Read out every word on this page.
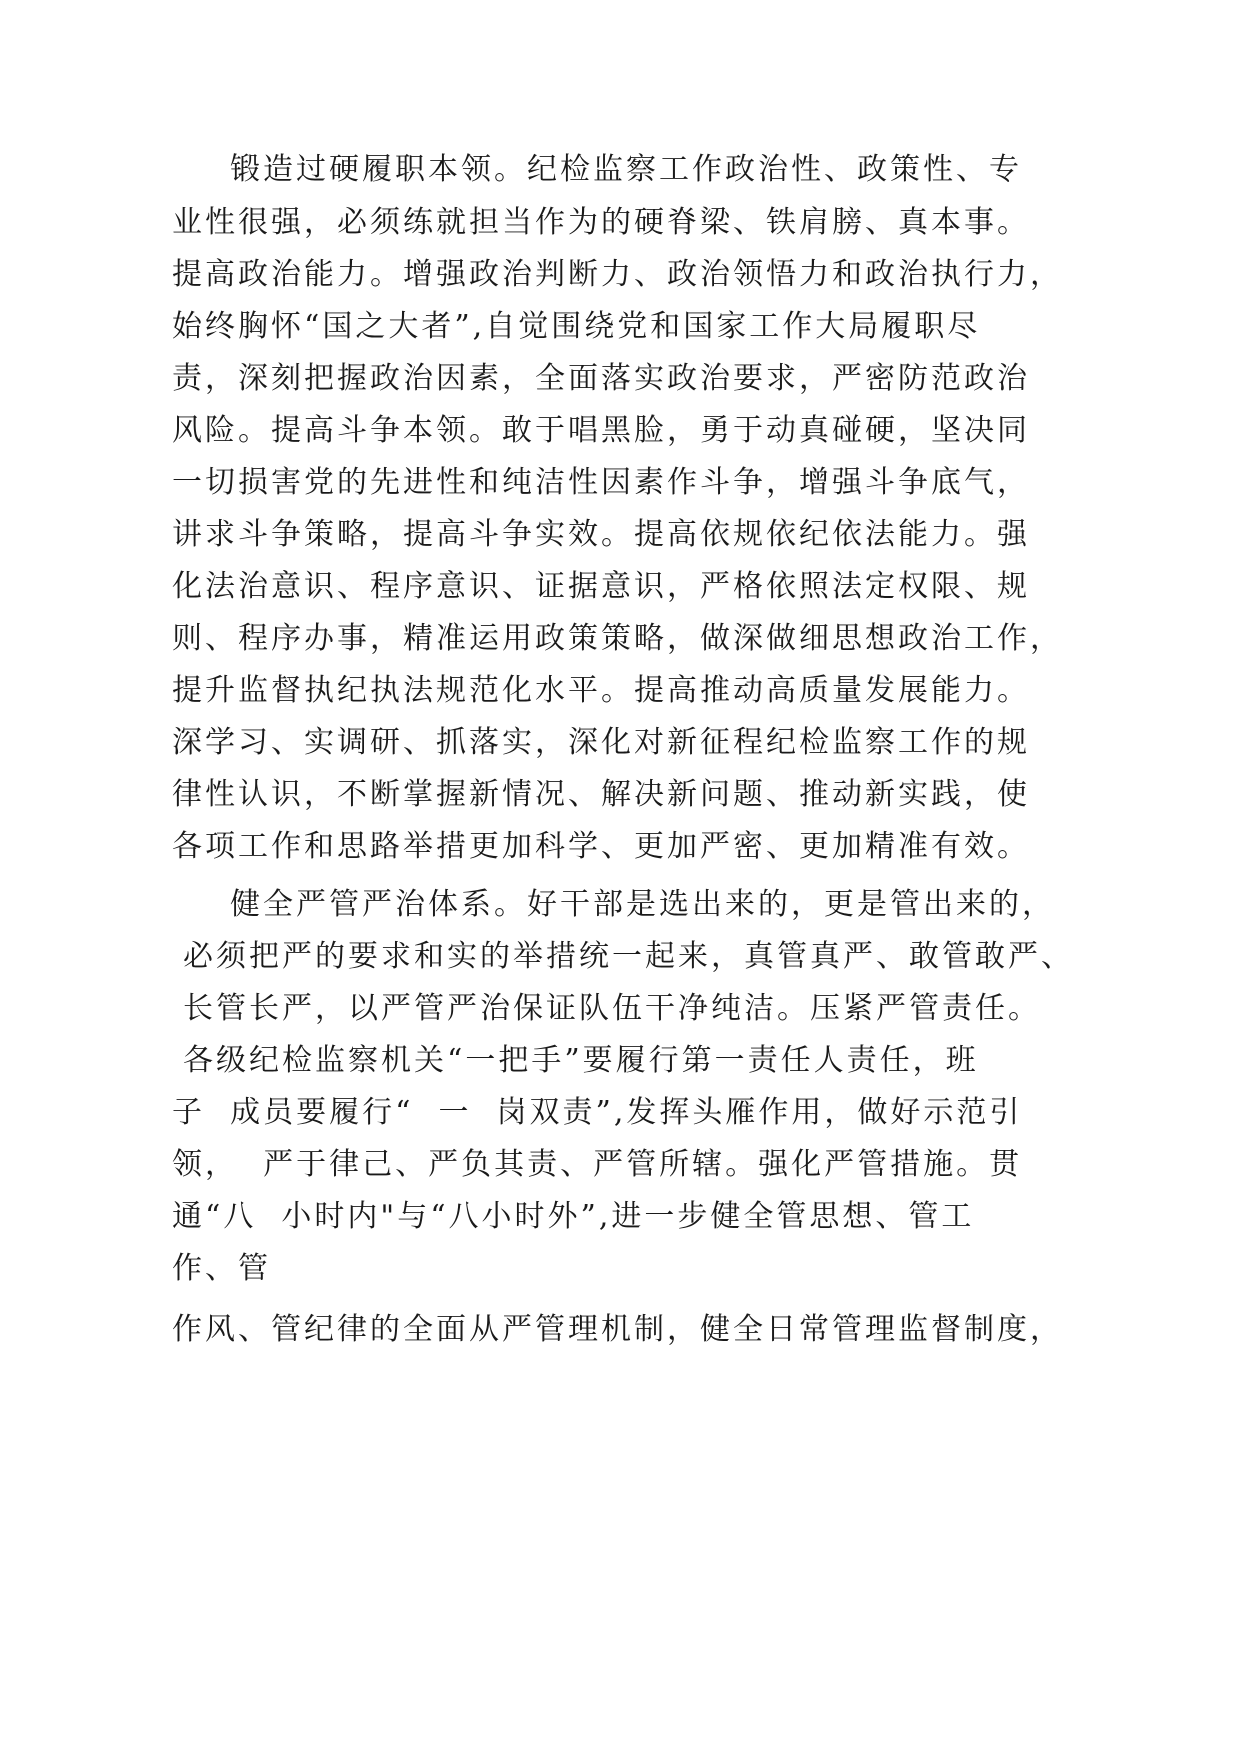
锻造过硬履职本领。纪检监察工作政治性、政策性、专
业性很强，必须练就担当作为的硬脊梁、铁肩膀、真本事。
提高政治能力。增强政治判断力、政治领悟力和政治执行力，
始终胸怀“国之大者”,自觉围绕党和国家工作大局履职尽
责，深刻把握政治因素，全面落实政治要求，严密防范政治
风险。提高斗争本领。敢于唱黑脸，勇于动真碰硬，坚决同
一切损害党的先进性和纯洁性因素作斗争，增强斗争底气，
讲求斗争策略，提高斗争实效。提高依规依纪依法能力。强
化法治意识、程序意识、证据意识，严格依照法定权限、规
则、程序办事，精准运用政策策略，做深做细思想政治工作，
提升监督执纪执法规范化水平。提高推动高质量发展能力。
深学习、实调研、抓落实，深化对新征程纪检监察工作的规
律性认识，不断掌握新情况、解决新问题、推动新实践，使
各项工作和思路举措更加科学、更加严密、更加精准有效。
健全严管严治体系。好干部是选出来的，更是管出来的，
必须把严的要求和实的举措统一起来，真管真严、敢管敢严、
长管长严，以严管严治保证队伍干净纯洁。压紧严管责任。
各级纪检监察机关“一把手”要履行第一责任人责任，班
子  成员要履行“  一  岗双责”,发挥头雁作用，做好示范引
领，  严于律己、严负其责、严管所辖。强化严管措施。贯
通“八  小时内"与“八小时外”,进一步健全管思想、管工
作、管
作风、管纪律的全面从严管理机制，健全日常管理监督制度，
